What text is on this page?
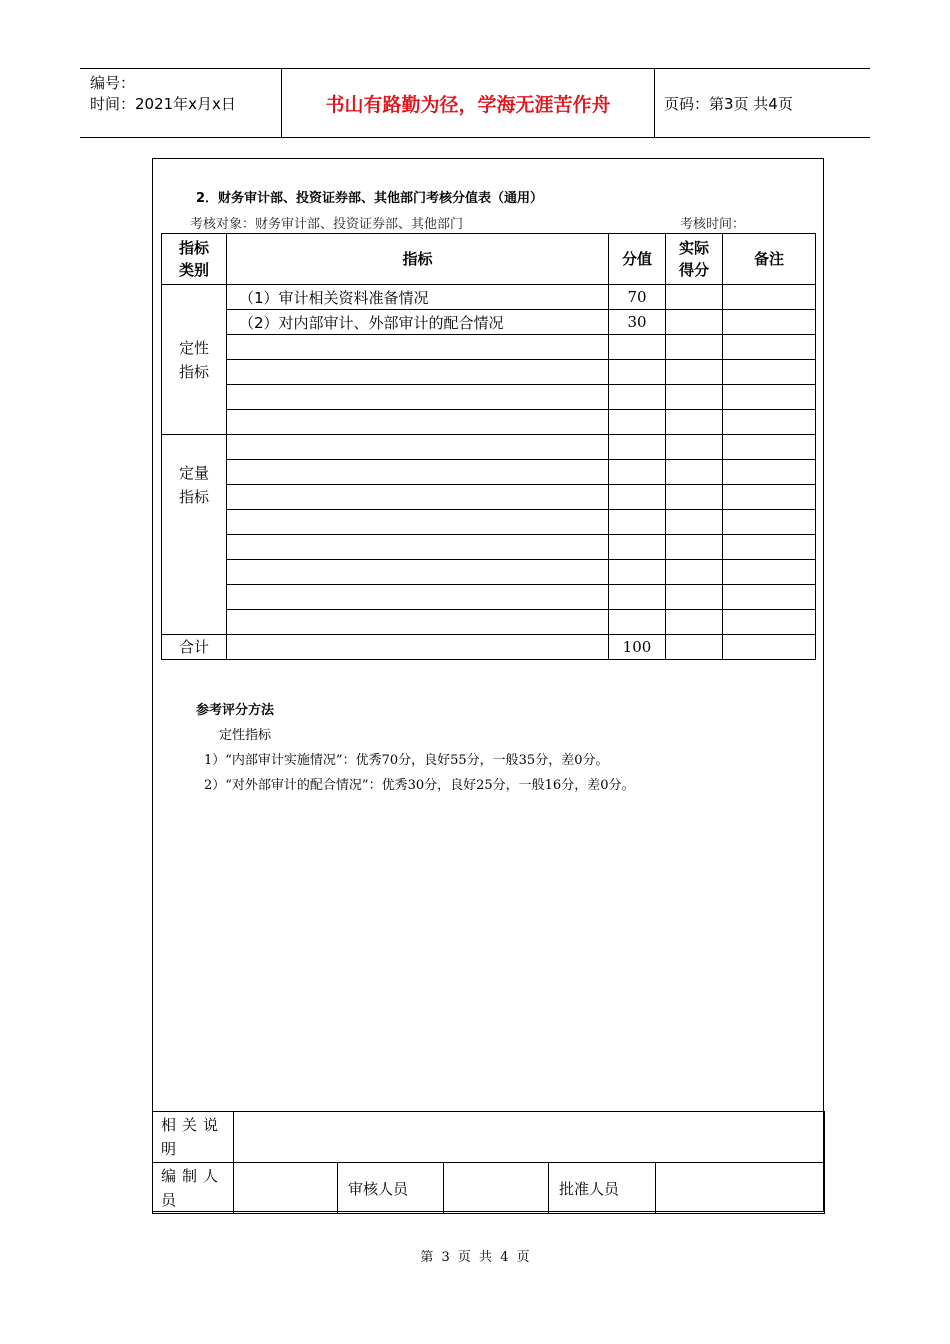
编号：
时间：2021年x月x日	书山有路勤为径，学海无涯苦作舟	页码：第3页 共4页
2．财务审计部、投资证券部、其他部门考核分值表（通用）
考核对象：财务审计部、投资证券部、其他部门	考核时间：
指标类别	指标	分值	实际得分	备注

定性指标	（1）审计相关资料准备情况	70		
	（2）对内部审计、外部审计的配合情况	30		

定量指标				

合计		100		
参考评分方法
定性指标
1）“内部审计实施情况”：优秀70分，良好55分，一般35分，差0分。
2）“对外部审计的配合情况”：优秀30分，良好25分，一般16分，差0分。
相关说明					
编制人员		审核人员		批准人员	
第 3 页 共 4 页
